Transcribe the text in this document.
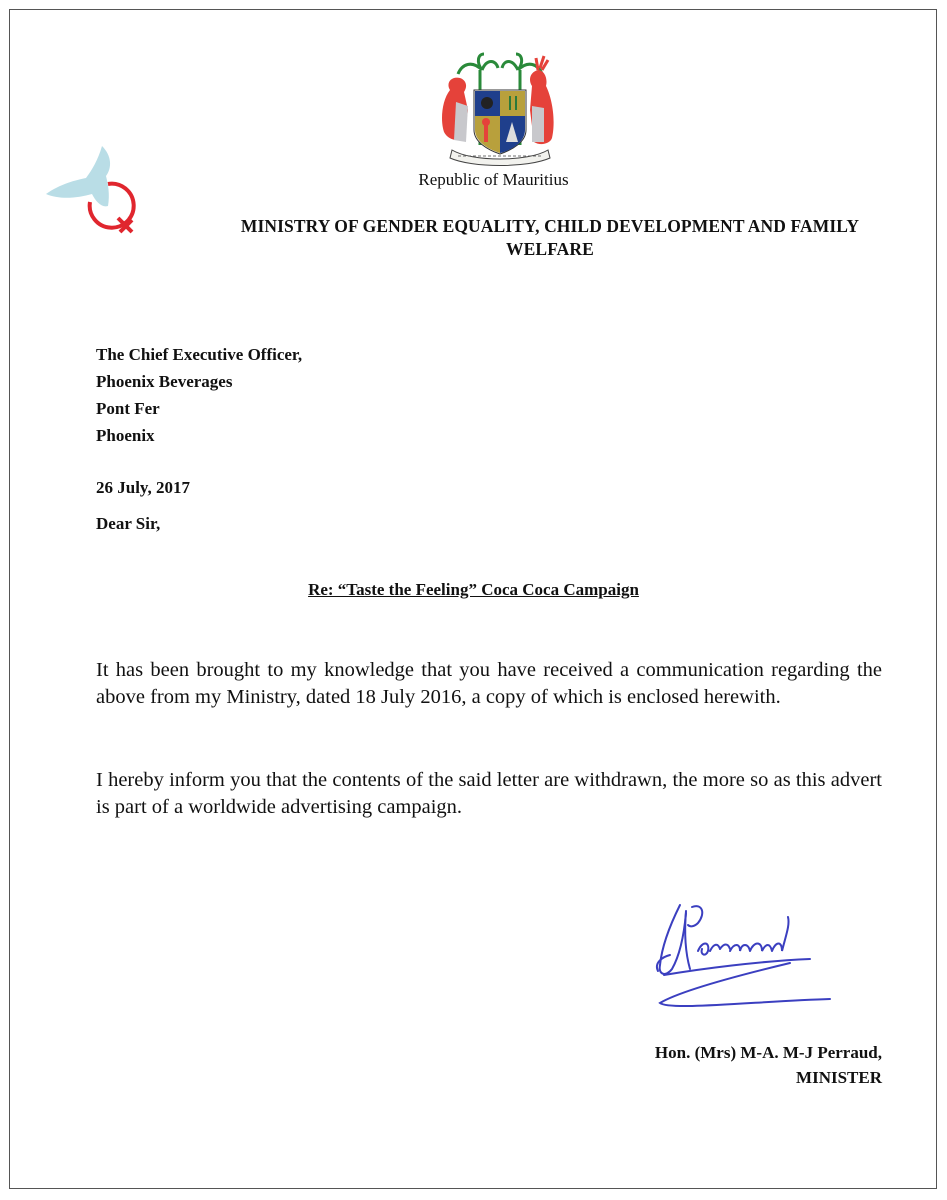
Republic of Mauritius
MINISTRY OF GENDER EQUALITY, CHILD DEVELOPMENT AND FAMILY
WELFARE
The Chief Executive Officer,
Phoenix Beverages
Pont Fer
Phoenix
26 July, 2017
Dear Sir,
Re: “Taste the Feeling” Coca Coca Campaign
It has been brought to my knowledge that you have received a communication regarding the above from my Ministry, dated 18 July 2016, a copy of which is enclosed herewith.
I hereby inform you that the contents of the said letter are withdrawn, the more so as this advert is part of a worldwide advertising campaign.
Hon. (Mrs) M-A. M-J Perraud,
MINISTER
